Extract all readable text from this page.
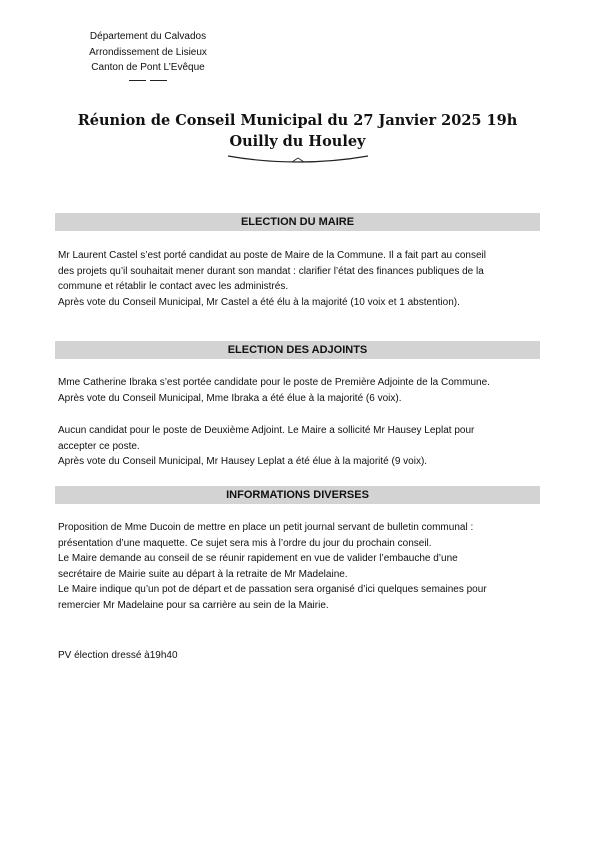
Département du Calvados
Arrondissement de Lisieux
Canton de Pont L’Evêque
Réunion de Conseil Municipal du 27 Janvier 2025 19h
Ouilly du Houley
ELECTION DU MAIRE
Mr Laurent Castel s’est porté candidat au poste de Maire de la Commune. Il a fait part au conseil
des projets qu’il souhaitait mener durant son mandat : clarifier l’état des finances publiques de la
commune et rétablir le contact avec les administrés.
Après vote du Conseil Municipal, Mr Castel a été élu à la majorité (10 voix et 1 abstention).
ELECTION DES ADJOINTS
Mme Catherine Ibraka s’est portée candidate pour le poste de Première Adjointe de la Commune.
Après vote du Conseil Municipal, Mme Ibraka a été élue à la majorité (6 voix).
Aucun candidat pour le poste de Deuxième Adjoint. Le Maire a sollicité Mr Hausey Leplat pour
accepter ce poste.
Après vote du Conseil Municipal, Mr Hausey Leplat a été élue à la majorité (9 voix).
INFORMATIONS DIVERSES
Proposition de Mme Ducoin de mettre en place un petit journal servant de bulletin communal :
présentation d’une maquette. Ce sujet sera mis à l’ordre du jour du prochain conseil.
Le Maire demande au conseil de se réunir rapidement en vue de valider l’embauche d’une
secrétaire de Mairie suite au départ à la retraite de Mr Madelaine.
Le Maire indique qu’un pot de départ et de passation sera organisé d’ici quelques semaines pour
remercier Mr Madelaine pour sa carrière au sein de la Mairie.
PV élection dressé à19h40
